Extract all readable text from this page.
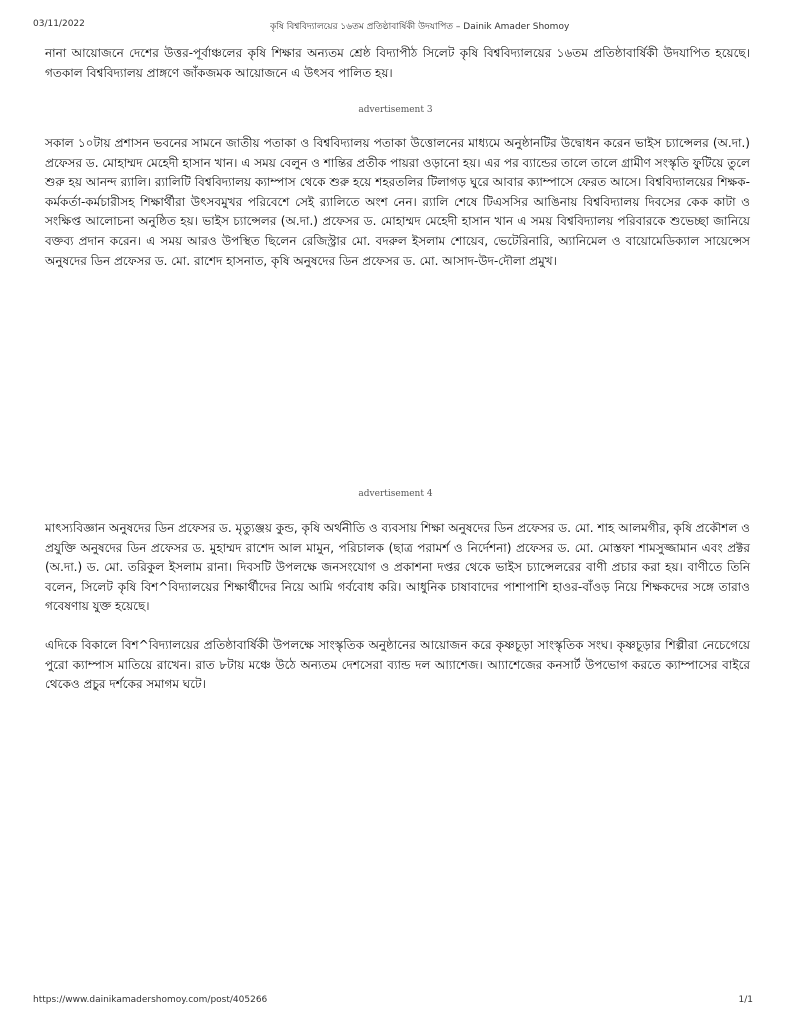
03/11/2022	কৃষি বিশ্ববিদ্যালয়ের ১৬তম প্রতিষ্ঠাবার্ষিকী উদযাপিত – Dainik Amader Shomoy

নানা আয়োজনে দেশের উত্তর-পূর্বাঞ্চলের কৃষি শিক্ষার অন্যতম শ্রেষ্ঠ বিদ্যাপীঠ সিলেট কৃষি বিশ্ববিদ্যালয়ের ১৬তম প্রতিষ্ঠাবার্ষিকী উদযাপিত হয়েছে। গতকাল বিশ্ববিদ্যালয় প্রাঙ্গণে জাঁকজমক আয়োজনে এ উৎসব পালিত হয়।

advertisement 3

সকাল ১০টায় প্রশাসন ভবনের সামনে জাতীয় পতাকা ও বিশ্ববিদ্যালয় পতাকা উত্তোলনের মাধ্যমে অনুষ্ঠানটির উদ্বোধন করেন ভাইস চ্যান্সেলর (অ.দা.) প্রফেসর ড. মোহাম্মদ মেহেদী হাসান খান। এ সময় বেলুন ও শান্তির প্রতীক পায়রা ওড়ানো হয়। এর পর ব্যান্ডের তালে তালে গ্রামীণ সংস্কৃতি ফুটিয়ে তুলে শুরু হয় আনন্দ র‌্যালি। র‌্যালিটি বিশ্ববিদ্যালয় ক্যাম্পাস থেকে শুরু হয়ে শহরতলির টিলাগড় ঘুরে আবার ক্যাম্পাসে ফেরত আসে। বিশ্ববিদ্যালয়ের শিক্ষক-কর্মকর্তা-কর্মচারীসহ শিক্ষার্থীরা উৎসবমুখর পরিবেশে সেই র‌্যালিতে অংশ নেন। র‌্যালি শেষে টিএসসির আঙিনায় বিশ্ববিদ্যালয় দিবসের কেক কাটা ও সংক্ষিপ্ত আলোচনা অনুষ্ঠিত হয়। ভাইস চ্যান্সেলর (অ.দা.) প্রফেসর ড. মোহাম্মদ মেহেদী হাসান খান এ সময় বিশ্ববিদ্যালয় পরিবারকে শুভেচ্ছা জানিয়ে বক্তব্য প্রদান করেন। এ সময় আরও উপস্থিত ছিলেন রেজিস্ট্রার মো. বদরুল ইসলাম শোয়েব, ভেটেরিনারি, অ্যানিমেল ও বায়োমেডিক্যাল সায়েন্সেস অনুষদের ডিন প্রফেসর ড. মো. রাশেদ হাসনাত, কৃষি অনুষদের ডিন প্রফেসর ড. মো. আসাদ-উদ-দৌলা প্রমুখ।

advertisement 4

মাৎস্যবিজ্ঞান অনুষদের ডিন প্রফেসর ড. মৃত্যুঞ্জয় কুন্ড, কৃষি অর্থনীতি ও ব্যবসায় শিক্ষা অনুষদের ডিন প্রফেসর ড. মো. শাহ আলমগীর, কৃষি প্রকৌশল ও প্রযুক্তি অনুষদের ডিন প্রফেসর ড. মুহাম্মদ রাশেদ আল মামুন, পরিচালক (ছাত্র পরামর্শ ও নির্দেশনা) প্রফেসর ড. মো. মোস্তফা শামসুজ্জামান এবং প্রক্টর (অ.দা.) ড. মো. তরিকুল ইসলাম রানা। দিবসটি উপলক্ষে জনসংযোগ ও প্রকাশনা দপ্তর থেকে ভাইস চ্যান্সেলরের বাণী প্রচার করা হয়। বাণীতে তিনি বলেন, সিলেট কৃষি বিশ^বিদ্যালয়ের শিক্ষার্থীদের নিয়ে আমি গর্ববোধ করি। আধুনিক চাষাবাদের পাশাপাশি হাওর-বাঁওড় নিয়ে শিক্ষকদের সঙ্গে তারাও গবেষণায় যুক্ত হয়েছে।

এদিকে বিকালে বিশ^বিদ্যালয়ের প্রতিষ্ঠাবার্ষিকী উপলক্ষে সাংস্কৃতিক অনুষ্ঠানের আয়োজন করে কৃষ্ণচূড়া সাংস্কৃতিক সংঘ। কৃষ্ণচূড়ার শিল্পীরা নেচেগেয়ে পুরো ক্যাম্পাস মাতিয়ে রাখেন। রাত ৮টায় মঞ্চে উঠে অন্যতম দেশসেরা ব্যান্ড দল আ্যাশেজ। আ্যাশেজের কনসার্ট উপভোগ করতে ক্যাম্পাসের বাইরে থেকেও প্রচুর দর্শকের সমাগম ঘটে।

https://www.dainikamadershomoy.com/post/405266	1/1
